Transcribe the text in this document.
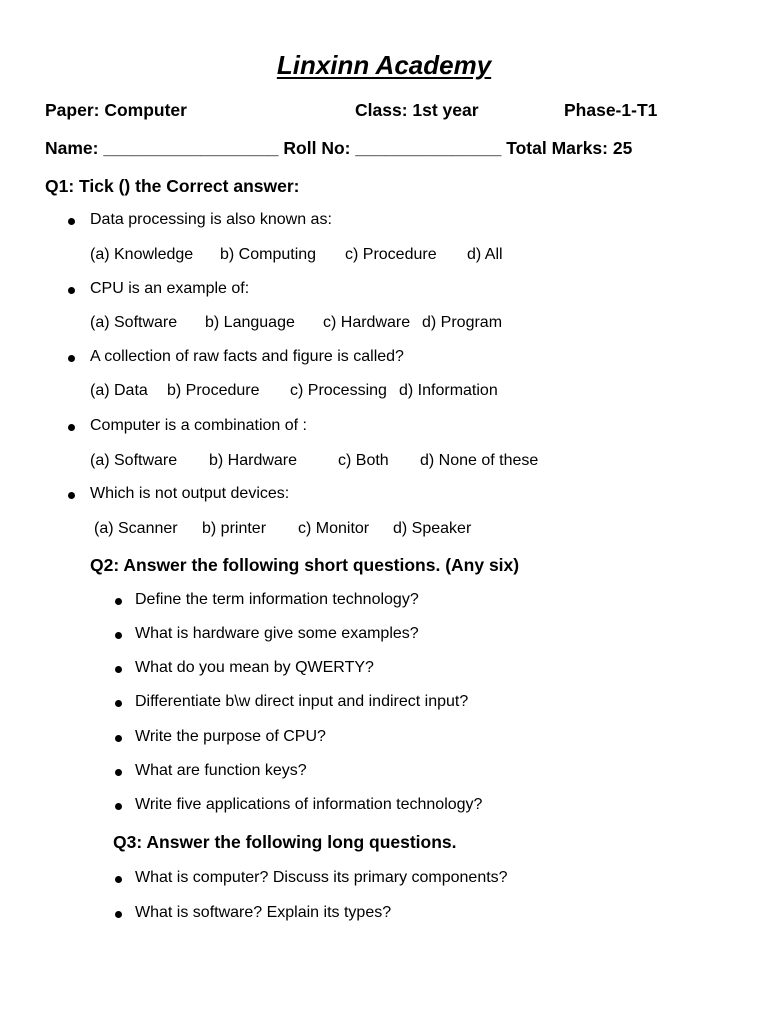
Linxinn Academy
Paper: Computer	Class: 1st year	Phase-1-T1
Name: __________________ Roll No: _______________ Total Marks: 25
Q1: Tick () the Correct answer:
Data processing is also known as:
(a) Knowledge b) Computing c) Procedure d) All
CPU is an example of:
(a) Software b) Language c) Hardware d) Program
A collection of raw facts and figure is called?
(a) Data b) Procedure c) Processing d) Information
Computer is a combination of :
(a) Software b) Hardware	c) Both d) None of these
Which is not output devices:
(a) Scanner b) printer c) Monitor d) Speaker
Q2: Answer the following short questions. (Any six)
Define the term information technology?
What is hardware give some examples?
What do you mean by QWERTY?
Differentiate b\w direct input and indirect input?
Write the purpose of CPU?
What are function keys?
Write five applications of information technology?
Q3: Answer the following long questions.
What is computer? Discuss its primary components?
What is software? Explain its types?
